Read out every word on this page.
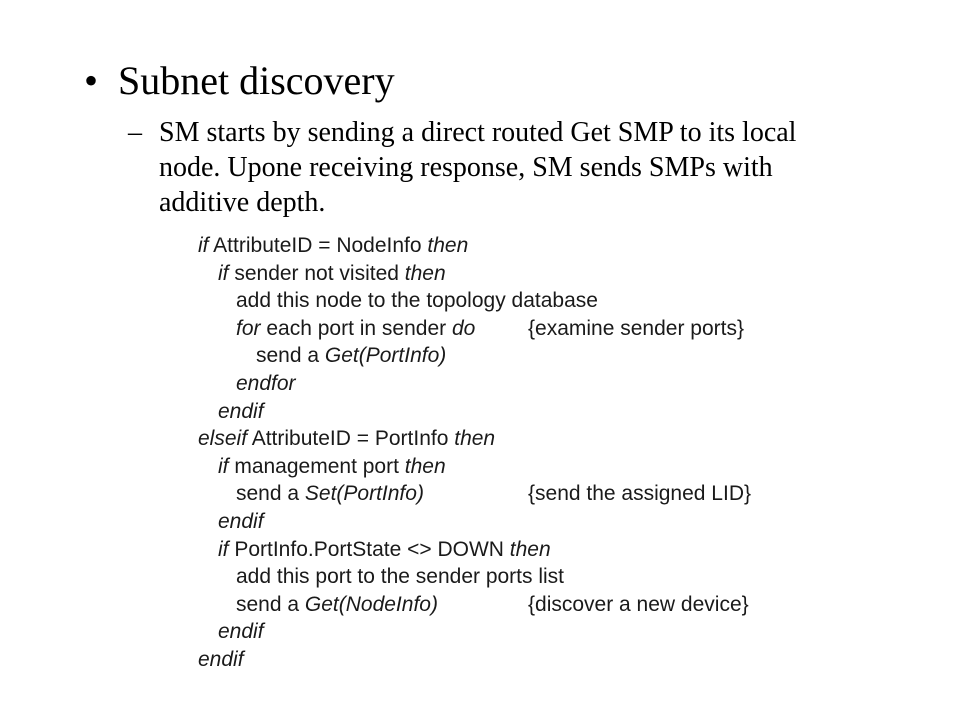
• Subnet discovery
– SM starts by sending a direct routed Get SMP to its local node. Upone receiving response, SM sends SMPs with additive depth.
if AttributeID = NodeInfo then
if sender not visited then
add this node to the topology database
for each port in sender do	{examine sender ports}
send a Get(PortInfo)
endfor
endif
elseif AttributeID = PortInfo then
if management port then
send a Set(PortInfo)	{send the assigned LID}
endif
if PortInfo.PortState <> DOWN then
add this port to the sender ports list
send a Get(NodeInfo)	{discover a new device}
endif
endif
